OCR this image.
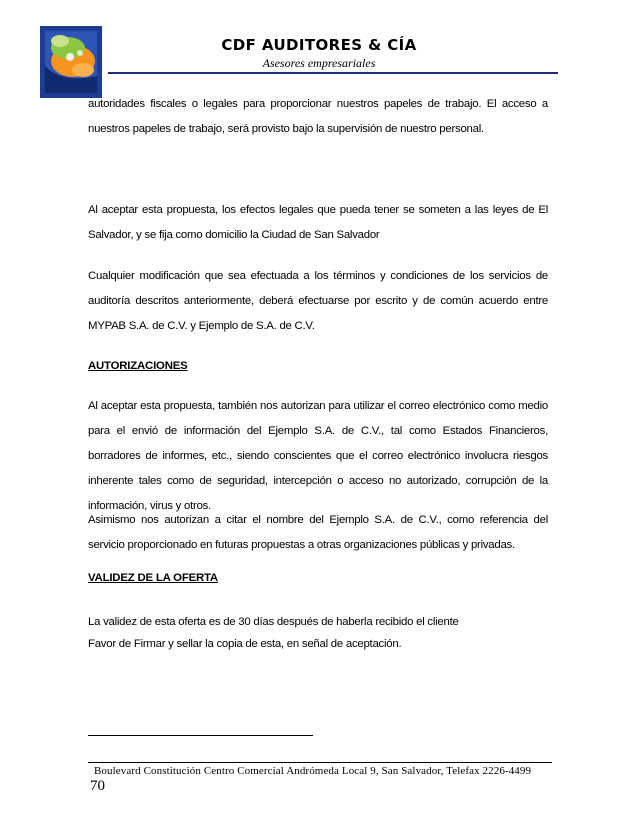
CDF AUDITORES & CÍA
Asesores empresariales

autoridades fiscales o legales para proporcionar nuestros papeles de trabajo. El acceso a nuestros papeles de trabajo, será provisto bajo la supervisión de nuestro personal.

Al aceptar esta propuesta, los efectos legales que pueda tener se someten a las leyes de El Salvador, y se fija como domicilio la Ciudad de San Salvador

Cualquier modificación que sea efectuada a los términos y condiciones de los servicios de auditoría descritos anteriormente, deberá efectuarse por escrito y de común acuerdo entre MYPAB S.A. de C.V. y Ejemplo de S.A. de C.V.

AUTORIZACIONES

Al aceptar esta propuesta, también nos autorizan para utilizar el correo electrónico como medio para el envió de información del Ejemplo S.A. de C.V., tal como Estados Financieros, borradores de informes, etc., siendo conscientes que el correo electrónico involucra riesgos inherente tales como de seguridad, intercepción o acceso no autorizado, corrupción de la información, virus y otros.

Asimismo nos autorizan a citar el nombre del Ejemplo S.A. de C.V., como referencia del servicio proporcionado en futuras propuestas a otras organizaciones públicas y privadas.

VALIDEZ DE LA OFERTA

La validez de esta oferta es de 30 días después de haberla recibido el cliente

Favor de Firmar y sellar la copia de esta, en señal de aceptación.

Boulevard Constitución Centro Comercial Andrómeda Local 9, San Salvador, Telefax 2226-4499

70
